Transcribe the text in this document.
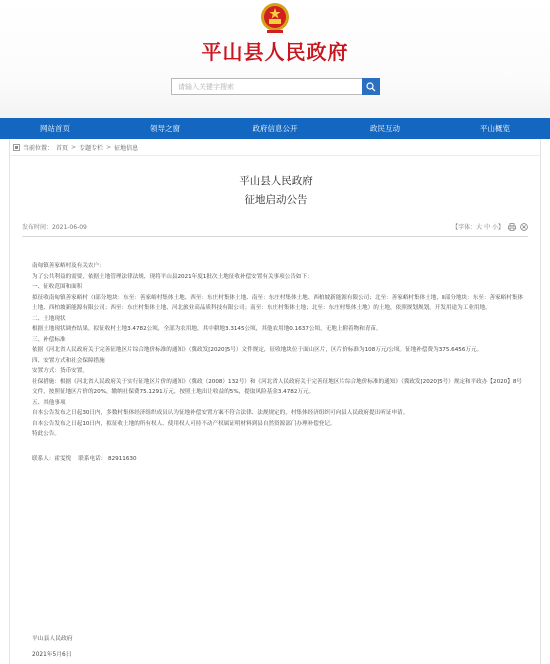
平山县人民政府
请输入关键字搜索
网站首页	领导之窗	政府信息公开	政民互动	平山概览
当前位置： 首页 > 专题专栏 > 征地信息
平山县人民政府
征地启动公告
发布时间：2021-06-09	【字体：大 中 小】

南甸镇善家峪村及有关农户：

为了公共利益的需要，依据土地管理法律法规，现将平山县2021年度1批次土地征收补偿安置有关事项公告如下：

一、征收范围和面积

拟征收南甸镇善家峪村（Ⅰ部分地块：东至：善家峪村集体土地、西至：东庄村集体土地、南至：东庄村集体土地、西柏坡新能源有限公司；北至：善家峪村集体土地，Ⅱ部分地块：东至：善家峪村集体土地、西柏坡新能源有限公司；西至：东庄村集体土地、河北旅业高品质科技有限公司；南至：东庄村集体土地；北至：东庄村集体土地）的土地，依照规划规划，开发用途为工业用地。

二、土地现状

根据土地现状调查结果，拟征收村土地3.4782公顷，全部为农用地，其中耕地3.3145公顷，其他农用地0.1637公顷，无地上附着物和青苗。

三、补偿标准

依据《河北省人民政府关于完善征地区片综合地价标准的通知》（冀政发[2020]5号）文件规定，征收地块位于面山区片，区片价标准为108万元/公顷。征地补偿费为375.6456万元。

四、安置方式和社会保障措施

安置方式：货币安置。

社保措施：根据《河北省人民政府关于实行征地区片价的通知》（冀政（2008）132号）和《河北省人民政府关于完善征地区片综合地价标准的通知》（冀政发[2020]5号）规定和平政办【2020】8号文件，按照征地区片价的20%，缴纳社保费75.1291万元，按照土地出让收益的5%，提取风险基金3.4782万元。

五、其他事项

自本公告发布之日起30日内，多数村集体经济组织成员认为征地补偿安置方案不符合法律、法规规定的，村集体经济组织可向县人民政府提出听证申请。

自本公告发布之日起10日内，拟征收土地的所有权人、使用权人可持不动产权属证明材料到县自然资源部门办理补偿登记。

特此公告。

联系人：霍雯悦 联系电话： 82911630

平山县人民政府
2021年5月6日
